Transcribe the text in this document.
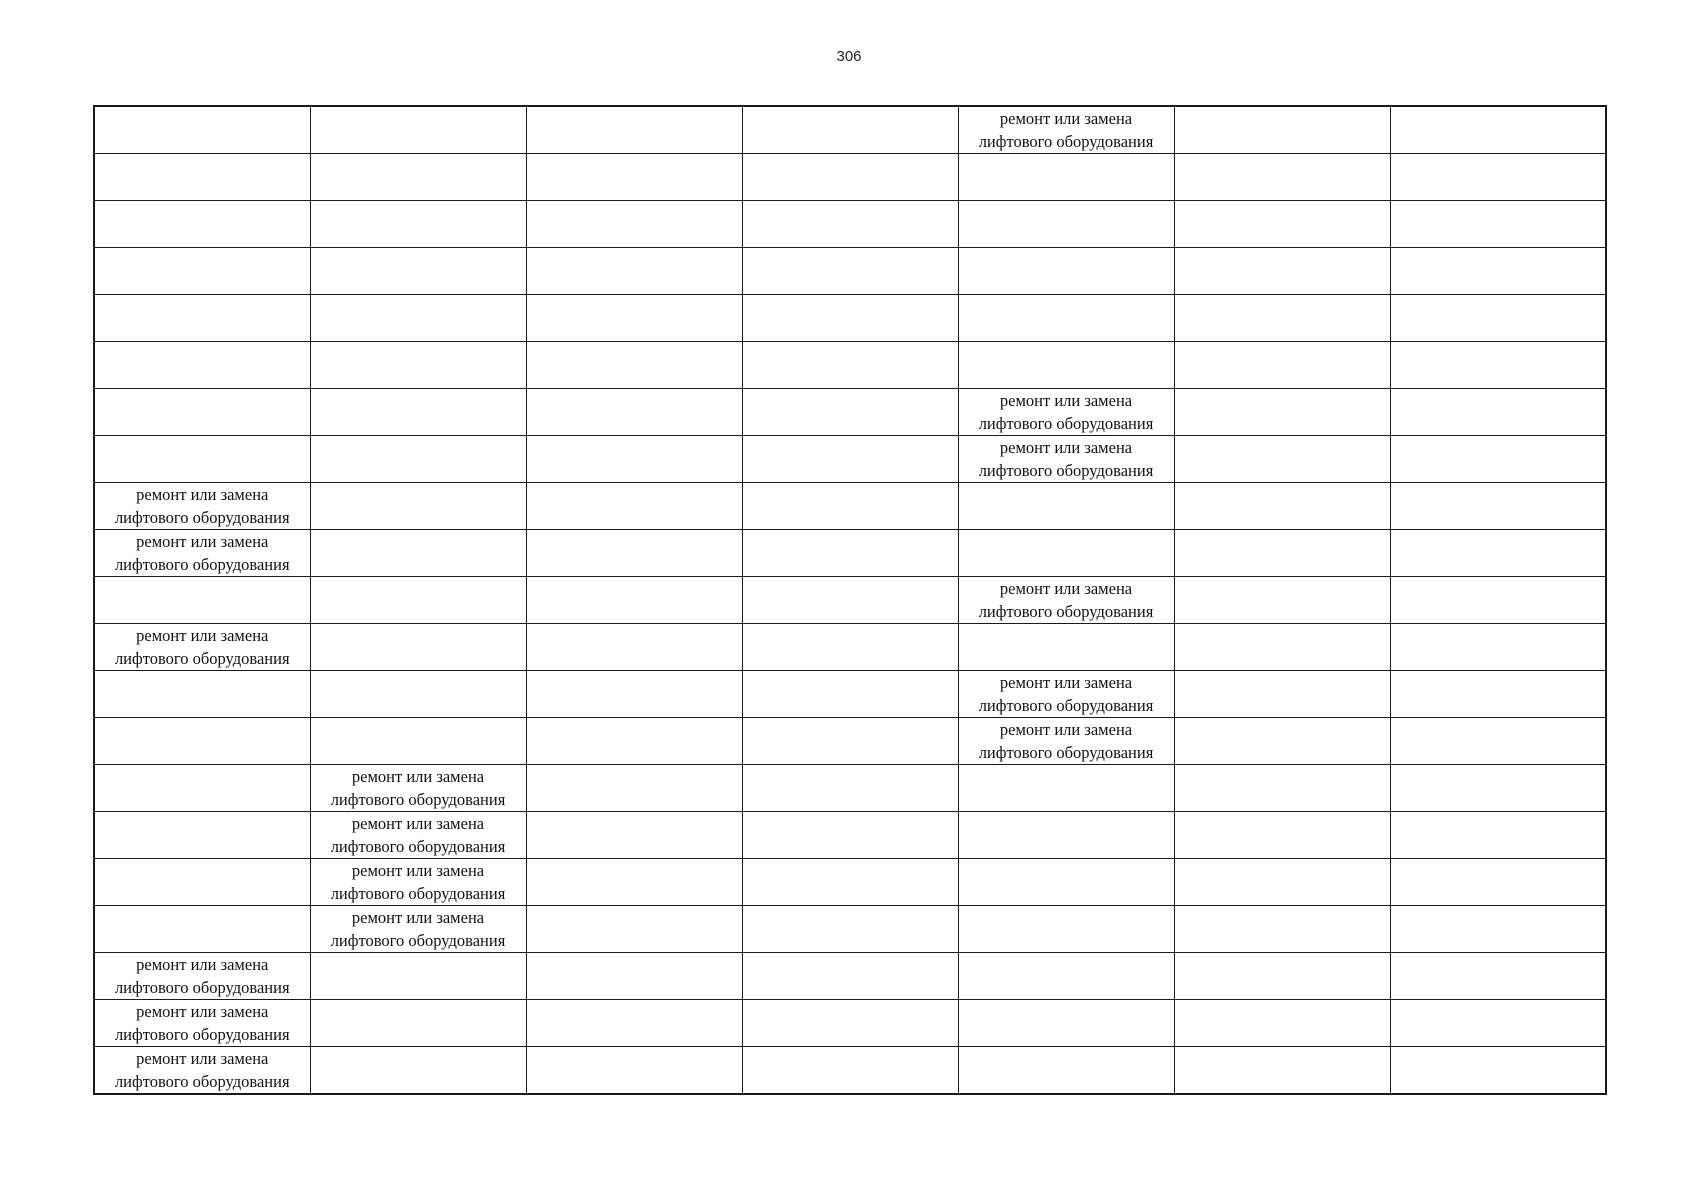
306
				ремонт или замена
лифтового оборудования		

				ремонт или замена
лифтового оборудования		
				ремонт или замена
лифтового оборудования		
ремонт или замена
лифтового оборудования						
ремонт или замена
лифтового оборудования						
				ремонт или замена
лифтового оборудования		
ремонт или замена
лифтового оборудования						
				ремонт или замена
лифтового оборудования		
				ремонт или замена
лифтового оборудования		
	ремонт или замена
лифтового оборудования					
	ремонт или замена
лифтового оборудования					
	ремонт или замена
лифтового оборудования					
	ремонт или замена
лифтового оборудования					
ремонт или замена
лифтового оборудования						
ремонт или замена
лифтового оборудования						
ремонт или замена
лифтового оборудования						
